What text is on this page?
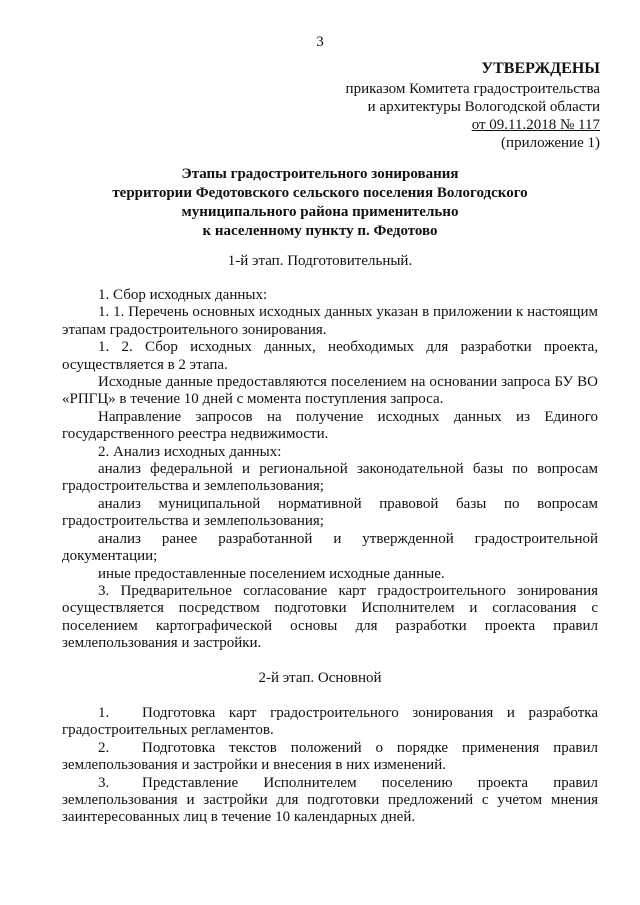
3
УТВЕРЖДЕНЫ
приказом Комитета градостроительства
и архитектуры Вологодской области
от 09.11.2018 № 117
(приложение 1)
Этапы градостроительного зонирования
территории Федотовского сельского поселения Вологодского
муниципального района применительно
к населенному пункту п. Федотово
1-й этап. Подготовительный.

1. Сбор исходных данных:

1. 1. Перечень основных исходных данных указан в приложении к настоящим этапам градостроительного зонирования.

1. 2. Сбор исходных данных, необходимых для разработки проекта, осуществляется в 2 этапа.

Исходные данные предоставляются поселением на основании запроса БУ ВО «РПГЦ» в течение 10 дней с момента поступления запроса.

Направление запросов на получение исходных данных из Единого государственного реестра недвижимости.

2. Анализ исходных данных:

анализ федеральной и региональной законодательной базы по вопросам градостроительства и землепользования;

анализ муниципальной нормативной правовой базы по вопросам градостроительства и землепользования;

анализ ранее разработанной и утвержденной градостроительной документации;

иные предоставленные поселением исходные данные.

3. Предварительное согласование карт градостроительного зонирования осуществляется посредством подготовки Исполнителем и согласования с поселением картографической основы для разработки проекта правил землепользования и застройки.

2-й этап. Основной

1. Подготовка карт градостроительного зонирования и разработка градостроительных регламентов.

2. Подготовка текстов положений о порядке применения правил землепользования и застройки и внесения в них изменений.

3. Представление Исполнителем поселению проекта правил землепользования и застройки для подготовки предложений с учетом мнения заинтересованных лиц в течение 10 календарных дней.
